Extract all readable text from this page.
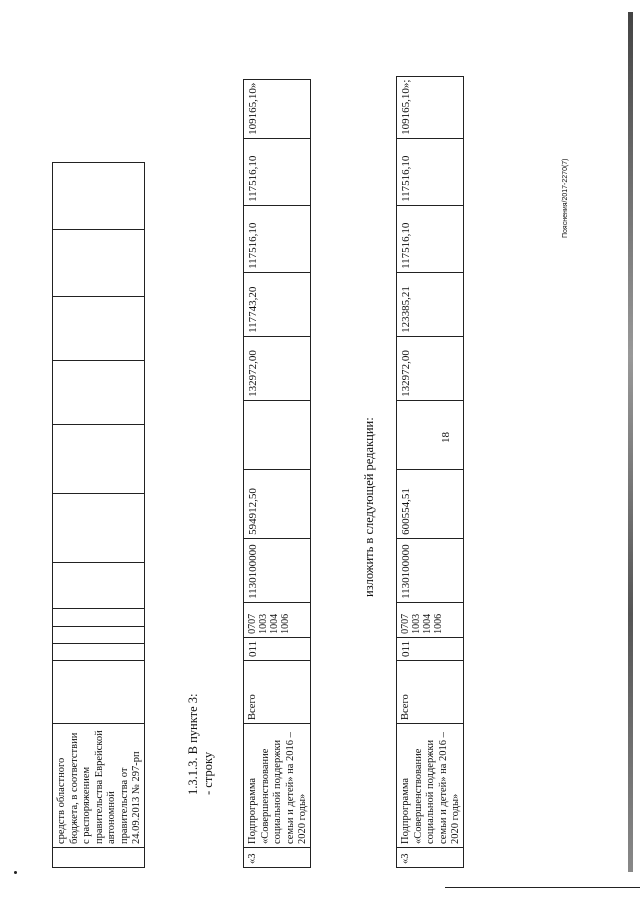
18
	средств областного бюджета, в соответствии с распоряжением правительства Еврейской автономной правительства от 24.09.2013 № 297-рп											
1.3.1.3. В пункте 3: - строку
«3	Подпрограмма «Совершенствование социальной поддержки семьи и детей» на 2016 – 2020 годы»	Всего	011	0707
1003
1004
1006	1130100000	594912,50		132972,00	117743,20	117516,10	117516,10	109165,10»
изложить в следующей редакции:
«3	Подпрограмма «Совершенствование социальной поддержки семьи и детей» на 2016 – 2020 годы»	Всего	011	0707
1003
1004
1006	1130100000	600554,51		132972,00	123385,21	117516,10	117516,10	109165,10»;
Пояснения/2017-2270(7)
